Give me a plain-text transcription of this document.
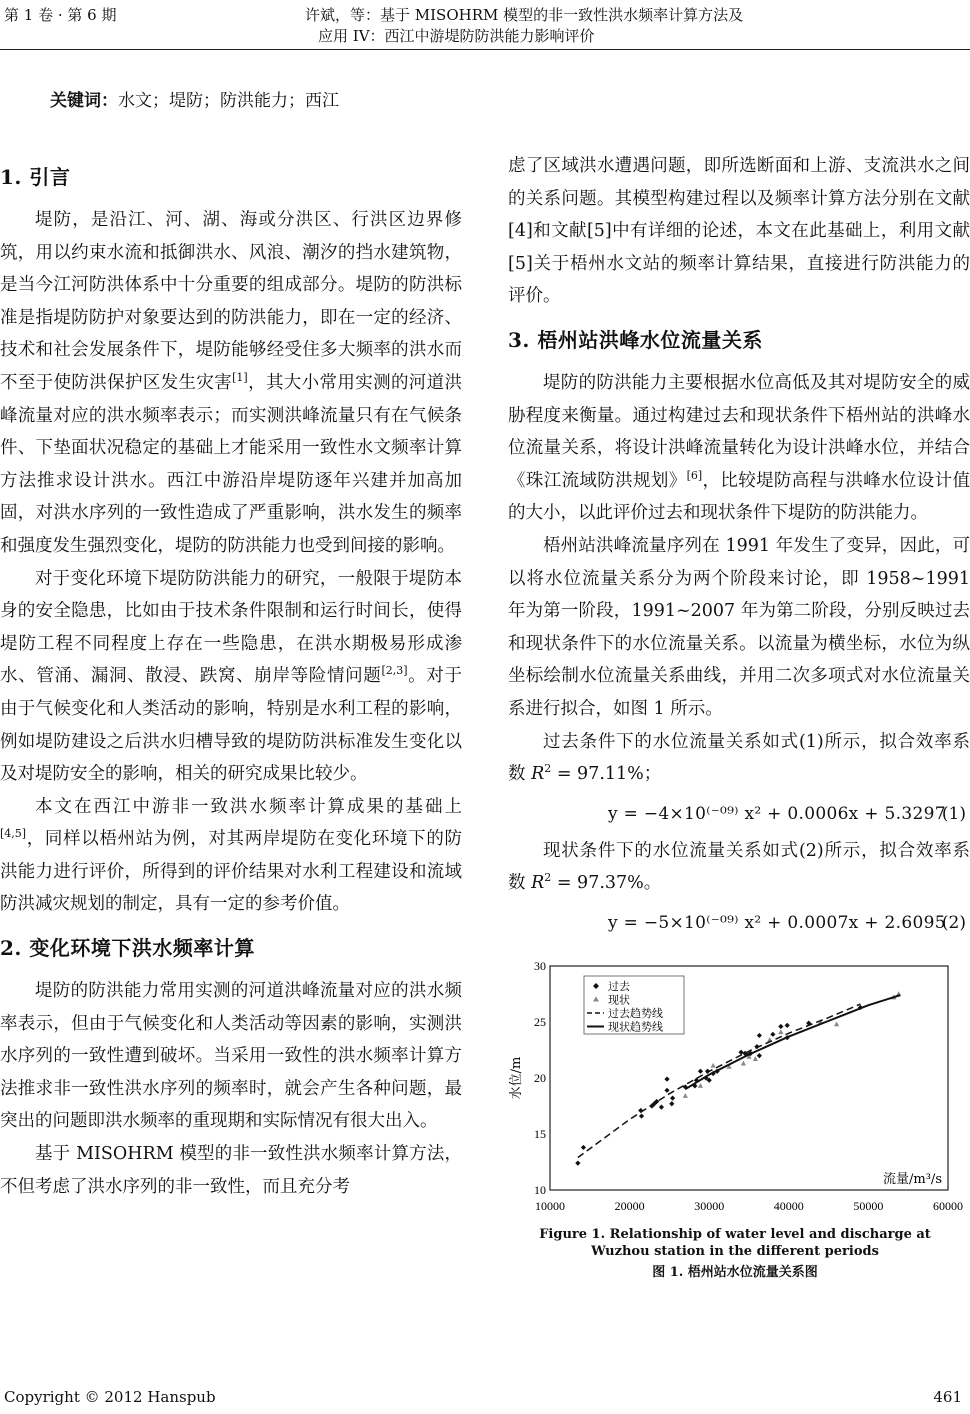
第 1 卷 · 第 6 期	许斌，等：基于 MISOHRM 模型的非一致性洪水频率计算方法及
应用 IV：西江中游堤防防洪能力影响评价
关键词：水文；堤防；防洪能力；西江
1. 引言

堤防，是沿江、河、湖、海或分洪区、行洪区边界修筑，用以约束水流和抵御洪水、风浪、潮汐的挡水建筑物，是当今江河防洪体系中十分重要的组成部分。堤防的防洪标准是指堤防防护对象要达到的防洪能力，即在一定的经济、技术和社会发展条件下，堤防能够经受住多大频率的洪水而不至于使防洪保护区发生灾害[1]，其大小常用实测的河道洪峰流量对应的洪水频率表示；而实测洪峰流量只有在气候条件、下垫面状况稳定的基础上才能采用一致性水文频率计算方法推求设计洪水。西江中游沿岸堤防逐年兴建并加高加固，对洪水序列的一致性造成了严重影响，洪水发生的频率和强度发生强烈变化，堤防的防洪能力也受到间接的影响。

对于变化环境下堤防防洪能力的研究，一般限于堤防本身的安全隐患，比如由于技术条件限制和运行时间长，使得堤防工程不同程度上存在一些隐患，在洪水期极易形成渗水、管涌、漏洞、散浸、跌窝、崩岸等险情问题[2,3]。对于由于气候变化和人类活动的影响，特别是水利工程的影响，例如堤防建设之后洪水归槽导致的堤防防洪标准发生变化以及对堤防安全的影响，相关的研究成果比较少。

本文在西江中游非一致洪水频率计算成果的基础上[4,5]，同样以梧州站为例，对其两岸堤防在变化环境下的防洪能力进行评价，所得到的评价结果对水利工程建设和流域防洪减灾规划的制定，具有一定的参考价值。

2. 变化环境下洪水频率计算

堤防的防洪能力常用实测的河道洪峰流量对应的洪水频率表示，但由于气候变化和人类活动等因素的影响，实测洪水序列的一致性遭到破坏。当采用一致性的洪水频率计算方法推求非一致性洪水序列的频率时，就会产生各种问题，最突出的问题即洪水频率的重现期和实际情况有很大出入。

基于 MISOHRM 模型的非一致性洪水频率计算方法，不但考虑了洪水序列的非一致性，而且充分考

虑了区域洪水遭遇问题，即所选断面和上游、支流洪水之间的关系问题。其模型构建过程以及频率计算方法分别在文献[4]和文献[5]中有详细的论述，本文在此基础上，利用文献[5]关于梧州水文站的频率计算结果，直接进行防洪能力的评价。

3. 梧州站洪峰水位流量关系

堤防的防洪能力主要根据水位高低及其对堤防安全的威胁程度来衡量。通过构建过去和现状条件下梧州站的洪峰水位流量关系，将设计洪峰流量转化为设计洪峰水位，并结合《珠江流域防洪规划》[6]，比较堤防高程与洪峰水位设计值的大小，以此评价过去和现状条件下堤防的防洪能力。

梧州站洪峰流量序列在 1991 年发生了变异，因此，可以将水位流量关系分为两个阶段来讨论，即 1958~1991 年为第一阶段，1991~2007 年为第二阶段，分别反映过去和现状条件下的水位流量关系。以流量为横坐标，水位为纵坐标绘制水位流量关系曲线，并用二次多项式对水位流量关系进行拟合，如图 1 所示。

过去条件下的水位流量关系如式(1)所示，拟合效率系数 $R^2 = 97.11\%$；

y = −4×10⁽⁻⁰⁹⁾ x² + 0.0006x + 5.3297
(1)

现状条件下的水位流量关系如式(2)所示，拟合效率系数 $R^2 = 97.37\%$。

y = −5×10⁽⁻⁰⁹⁾ x² + 0.0007x + 2.6095
(2)
10000	20000	30000	40000	50000	60000
10
15
20
25
30
流量/m³/s
水位/m
过去
现状
过去趋势线
现状趋势线
Figure 1. Relationship of water level and discharge at Wuzhou station in the different periods
图 1. 梧州站水位流量关系图
Copyright © 2012 Hanspub	461
